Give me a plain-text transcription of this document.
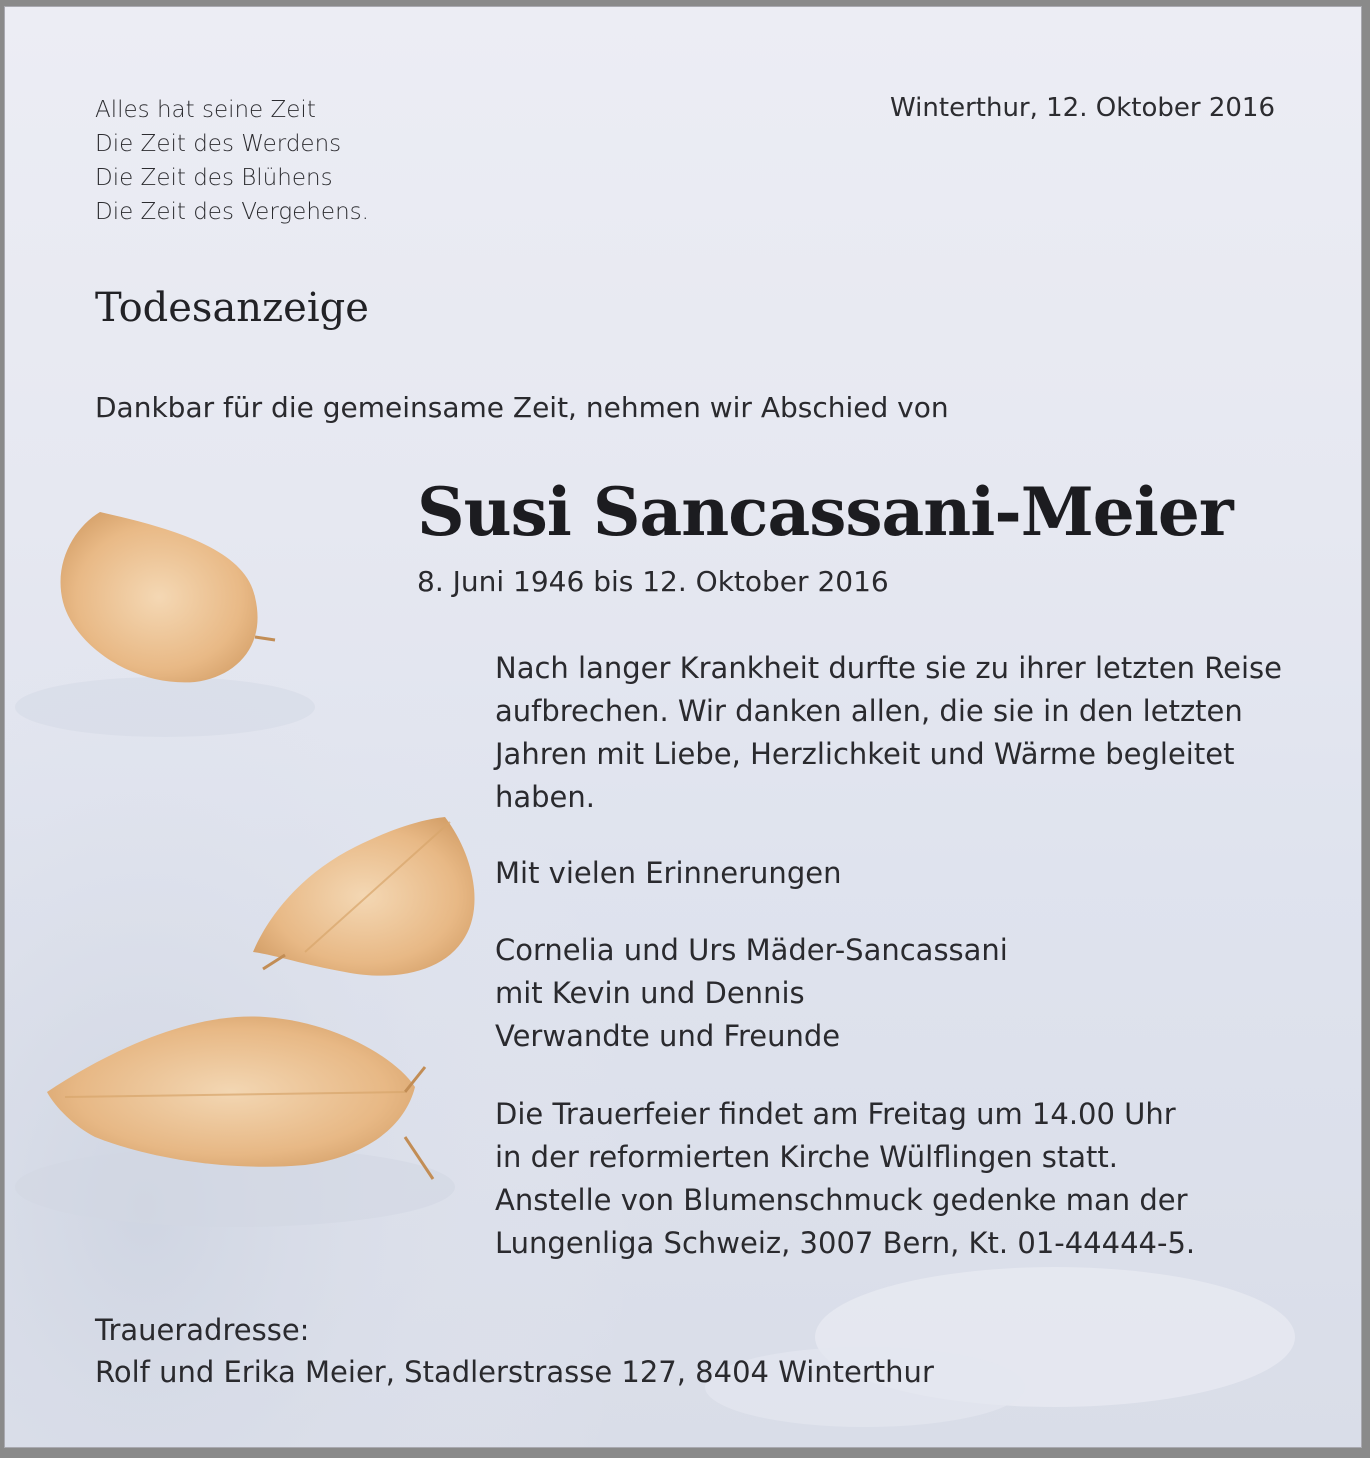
Alles hat seine Zeit
Die Zeit des Werdens
Die Zeit des Blühens
Die Zeit des Vergehens.
Winterthur, 12. Oktober 2016
Todesanzeige
Dankbar für die gemeinsame Zeit, nehmen wir Abschied von
Susi Sancassani-Meier
8. Juni 1946 bis 12. Oktober 2016
Nach langer Krankheit durfte sie zu ihrer letzten Reise
aufbrechen. Wir danken allen, die sie in den letzten
Jahren mit Liebe, Herzlichkeit und Wärme begleitet
haben.
Mit vielen Erinnerungen
Cornelia und Urs Mäder-Sancassani
mit Kevin und Dennis
Verwandte und Freunde
Die Trauerfeier findet am Freitag um 14.00 Uhr
in der reformierten Kirche Wülflingen statt.
Anstelle von Blumenschmuck gedenke man der
Lungenliga Schweiz, 3007 Bern, Kt. 01-44444-5.
Traueradresse:
Rolf und Erika Meier, Stadlerstrasse 127, 8404 Winterthur
